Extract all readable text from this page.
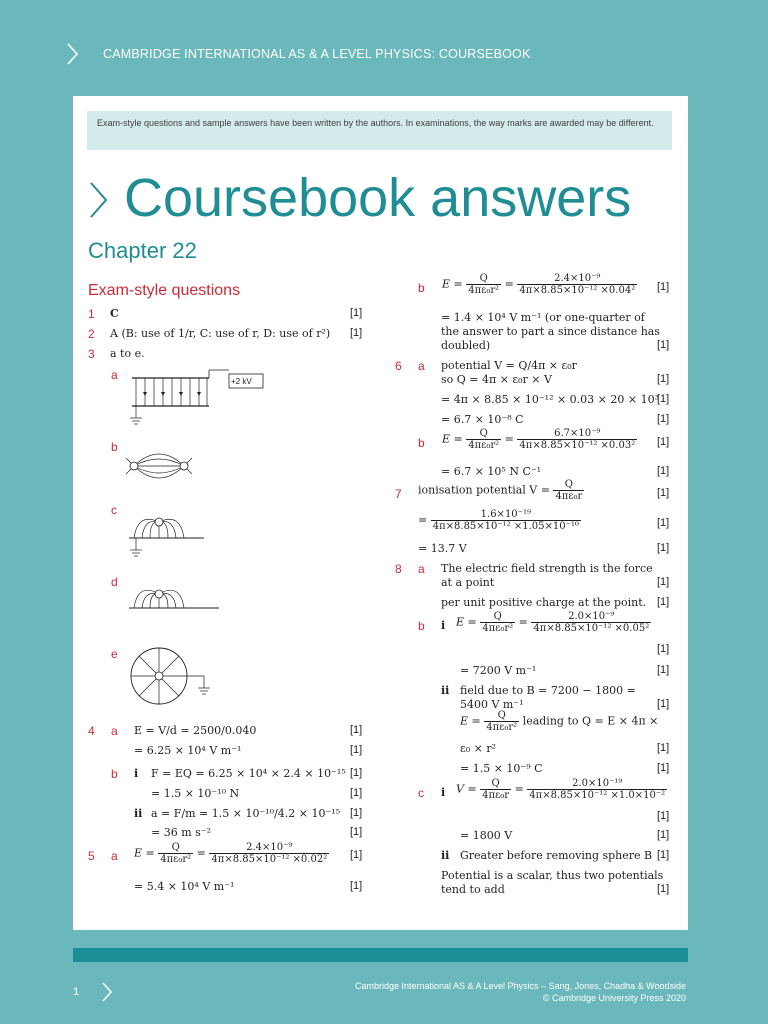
CAMBRIDGE INTERNATIONAL AS & A LEVEL PHYSICS: COURSEBOOK
Exam-style questions and sample answers have been written by the authors. In examinations, the way marks are awarded may be different.
Coursebook answers
Chapter 22
Exam-style questions
1 C	[1]
2 A (B: use of 1/r, C: use of r, D: use of r²) [1]
3 a to e.
a	+2 kV
b
c
d
e
4 a E = V/d = 2500/0.040	[1]
= 6.25 × 10⁴ V m⁻¹	[1]
b i F = EQ = 6.25 × 10⁴ × 2.4 × 10⁻¹⁵ [1]
= 1.5 × 10⁻¹⁰ N	[1]
ii a = F/m = 1.5 × 10⁻¹⁰/4.2 × 10⁻¹⁵ [1]
= 36 m s⁻²	[1]
5 a $E = \frac{Q}{\text{4πε₀r²}} = \frac{\text{2.4×10⁻⁹}}{\text{4π×8.85×10⁻¹² ×0.02²}} [1]$
= 5.4 × 10⁴ V m⁻¹	[1]
b $E = \frac{Q}{\text{4πε₀r²}} = \frac{\text{2.4×10⁻⁹}}{\text{4π×8.85×10⁻¹² ×0.04²}} [1]$
= 1.4 × 10⁴ V m⁻¹ (or one-quarter of
the answer to part a since distance has
doubled)	[1]
6 a potential V = Q/4π × ε₀r
so Q = 4π × ε₀r × V	[1]
= 4π × 8.85 × 10⁻¹² × 0.03 × 20 × 10³
[1]
= 6.7 × 10⁻⁸ C	[1]
b $E = \frac{Q}{\text{4πε₀r²}} = \frac{\text{6.7×10⁻⁹}}{\text{4π×8.85×10⁻¹² ×0.03²}} [1]$
= 6.7 × 10⁵ N C⁻¹	[1]
7 ionisation potential $V = \frac{Q}{\text{4πε₀r}}$	[1]
= $\frac{\text{1.6×10⁻¹⁹}}{\text{4π×8.85×10⁻¹² ×1.05×10⁻¹⁰}}$	[1]
= 13.7 V	[1]
8 a The electric field strength is the force
at a point	[1]
per unit positive charge at the point. [1]
b i $E = \frac{Q}{\text{4πε₀r²}} = \frac{\text{2.0×10⁻⁹}}{\text{4π×8.85×10⁻¹² ×0.05²}}$
[1]
= 7200 V m⁻¹	[1]
ii field due to B = 7200 − 1800 =
5400 V m⁻¹	[1]
$E = \frac{Q}{\text{4πε₀r²}}$ leading to Q = E × 4π ×
ε₀ × r²	[1]
= 1.5 × 10⁻⁹ C	[1]
c i $V = \frac{Q}{\text{4πε₀r}} = \frac{\text{2.0×10⁻¹⁹}}{\text{4π×8.85×10⁻¹² ×1.0×10⁻²}}$
[1]
= 1800 V	[1]
ii Greater before removing sphere B [1]
Potential is a scalar, thus two potentials
tend to add	[1]
1	Cambridge International AS & A Level Physics – Sang, Jones, Chadha & Woodside
© Cambridge University Press 2020
